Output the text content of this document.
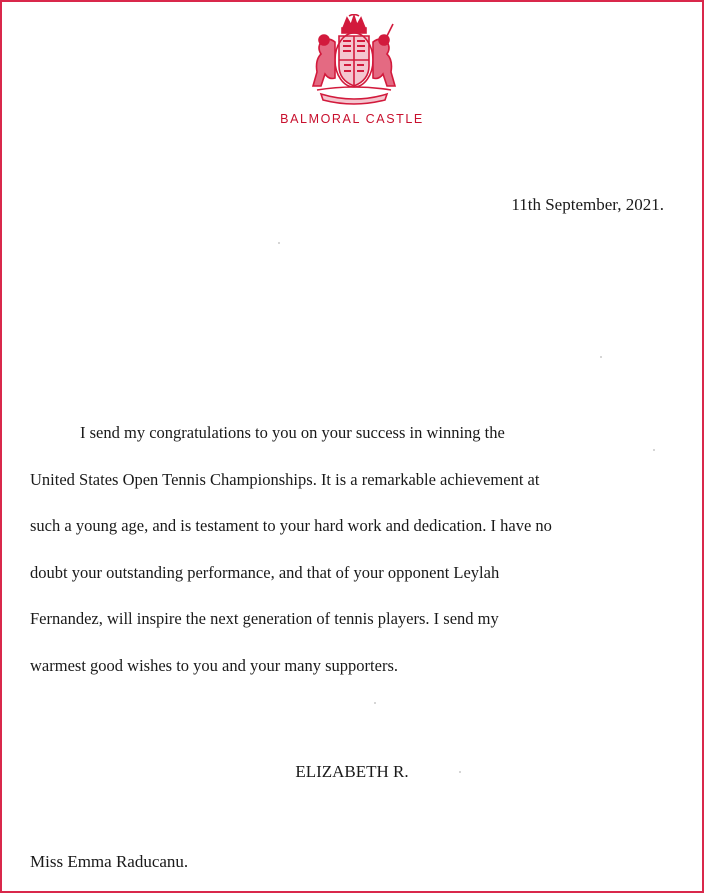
BALMORAL CASTLE
11th September, 2021.
I send my congratulations to you on your success in winning the
United States Open Tennis Championships. It is a remarkable achievement at
such a young age, and is testament to your hard work and dedication. I have no
doubt your outstanding performance, and that of your opponent Leylah
Fernandez, will inspire the next generation of tennis players. I send my
warmest good wishes to you and your many supporters.
ELIZABETH R.
Miss Emma Raducanu.
